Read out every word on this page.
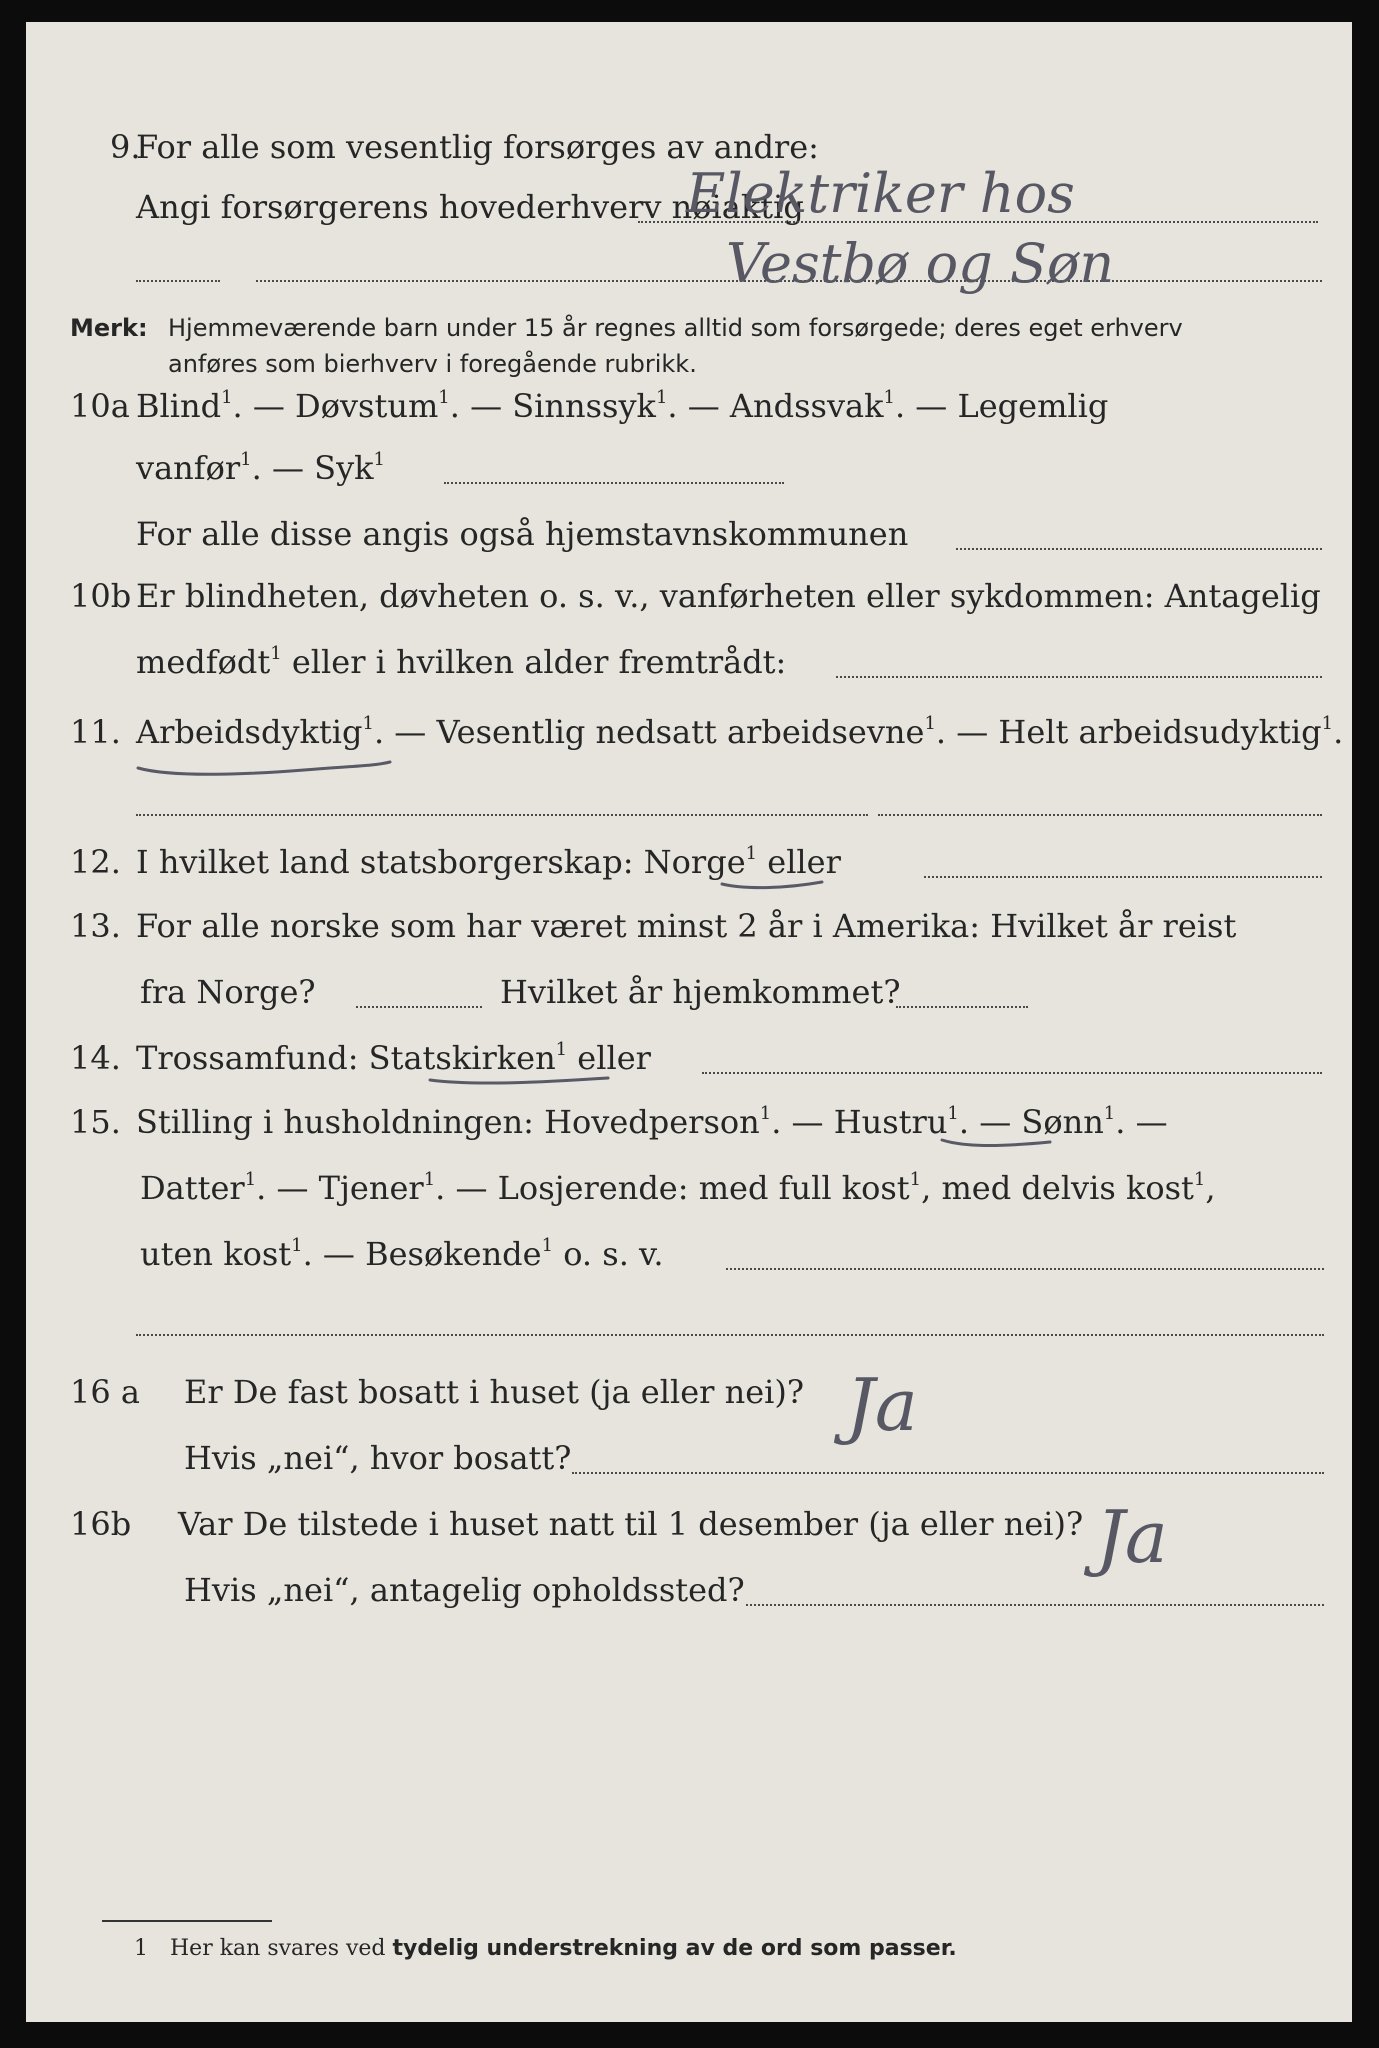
9.
For alle som vesentlig forsørges av andre:
Angi forsørgerens hovederhverv nøiaktig
Elektriker hos
Vestbø og Søn
Merk: Hjemmeværende barn under 15 år regnes alltid som forsørgede; deres eget erhverv
anføres som bierhverv i foregående rubrikk.
10a Blind$^1$. — Døvstum$^1$. — Sinnssyk$^1$. — Andssvak$^1$. — Legemlig
vanfør$^1$. — Syk$^1$
For alle disse angis også hjemstavnskommunen
10b Er blindheten, døvheten o. s. v., vanførheten eller sykdommen: Antagelig
medfødt$^1$ eller i hvilken alder fremtrådt:
11. Arbeidsdyktig$^1$. — Vesentlig nedsatt arbeidsevne$^1$. — Helt arbeidsudyktig$^1$.
12. I hvilket land statsborgerskap: Norge$^1$ eller
13. For alle norske som har været minst 2 år i Amerika: Hvilket år reist
fra Norge?	Hvilket år hjemkommet?
14. Trossamfund: Statskirken$^1$ eller
15. Stilling i husholdningen: Hovedperson$^1$. — Hustru$^1$. — Sønn$^1$. —
Datter$^1$. — Tjener$^1$. — Losjerende: med full kost$^1$, med delvis kost$^1$,
uten kost$^1$. — Besøkende$^1$ o. s. v.
16 a Er De fast bosatt i huset (ja eller nei)?
Hvis „nei“, hvor bosatt?
Ja
16b Var De tilstede i huset natt til 1 desember (ja eller nei)?
Hvis „nei“, antagelig opholdssted?
Ja
1 Her kan svares ved tydelig understrekning av de ord som passer.
